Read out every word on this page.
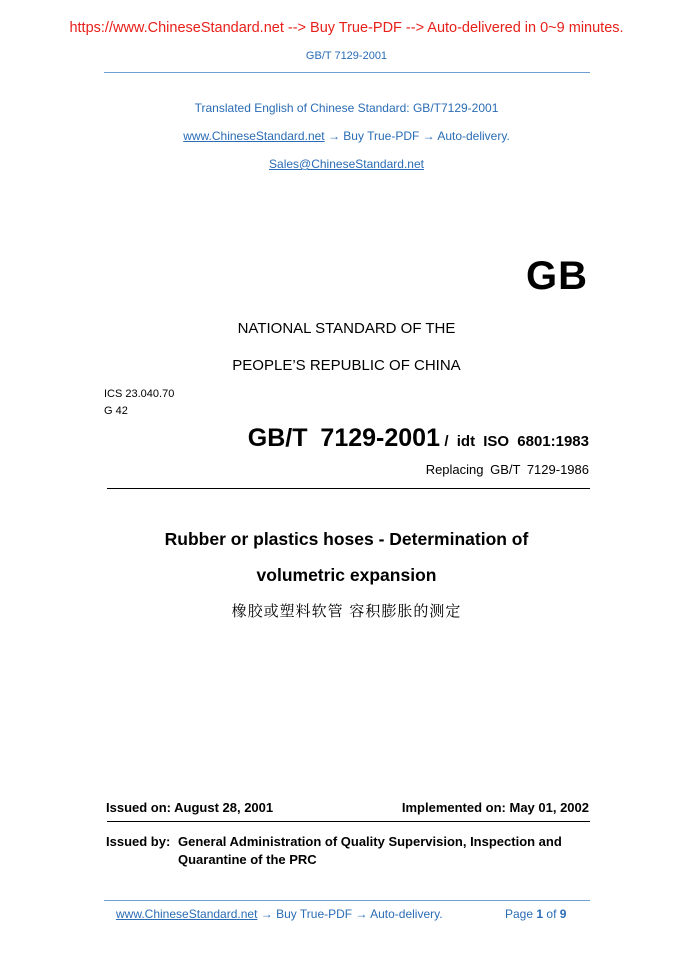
https://www.ChineseStandard.net --> Buy True-PDF --> Auto-delivered in 0~9 minutes.
GB/T 7129-2001
Translated English of Chinese Standard: GB/T7129-2001
www.ChineseStandard.net → Buy True-PDF → Auto-delivery.
Sales@ChineseStandard.net
GB
NATIONAL STANDARD OF THE
PEOPLE’S REPUBLIC OF CHINA
ICS 23.040.70
G 42
GB/T 7129-2001 / idt ISO 6801:1983
Replacing GB/T 7129-1986
Rubber or plastics hoses - Determination of
volumetric expansion
橡胶或塑料软管 容积膨胀的测定
Issued on: August 28, 2001	Implemented on: May 01, 2002
Issued by: General Administration of Quality Supervision, Inspection and
Quarantine of the PRC
www.ChineseStandard.net → Buy True-PDF → Auto-delivery.	Page 1 of 9
